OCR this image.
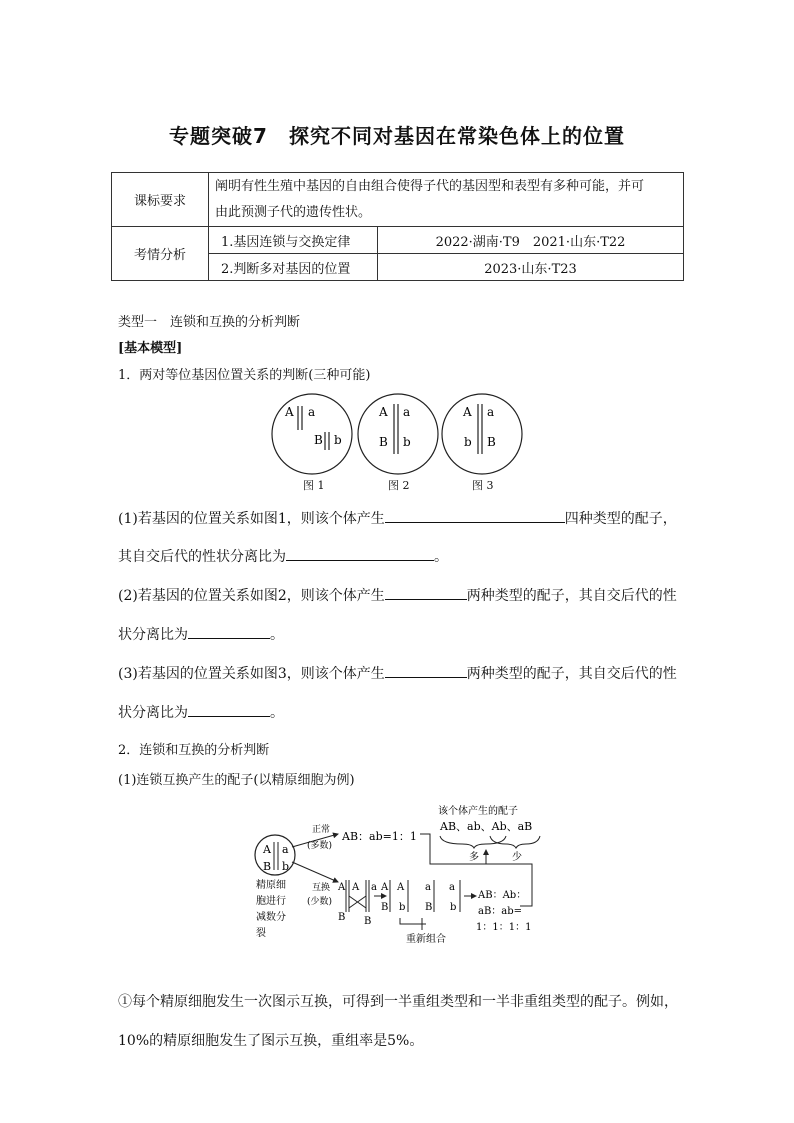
专题突破7　探究不同对基因在常染色体上的位置
课标要求	阐明有性生殖中基因的自由组合使得子代的基因型和表型有多种可能，并可
由此预测子代的遗传性状。	

考情分析	1.基因连锁与交换定律	2022·湖南·T9　2021·山东·T22
	2.判断多对基因的位置	2023·山东·T23
类型一　连锁和互换的分析判断
[基本模型]
1．两对等位基因位置关系的判断(三种可能)
A a
B b
A a
B b
A a
b B
图 1	图 2	图 3
(1)若基因的位置关系如图1，则该个体产生	四种类型的配子，
其自交后代的性状分离比为	。
(2)若基因的位置关系如图2，则该个体产生	两种类型的配子，其自交后代的性
状分离比为	。
(3)若基因的位置关系如图3，则该个体产生	两种类型的配子，其自交后代的性
状分离比为	。
2．连锁和互换的分析判断
(1)连锁互换产生的配子(以精原细胞为例)
A a
B b
精原细 胞进行 减数分 裂
正常
(多数)
AB：ab=1：1
该个体产生的配子
AB、ab、Ab、aB
多	少
互换
(少数)
A A a
B B
A
B
A
b
a
B
a
b
AB：Ab：
aB：ab=
1：1：1：1
重新组合
①每个精原细胞发生一次图示互换，可得到一半重组类型和一半非重组类型的配子。例如，
10%的精原细胞发生了图示互换，重组率是5%。
